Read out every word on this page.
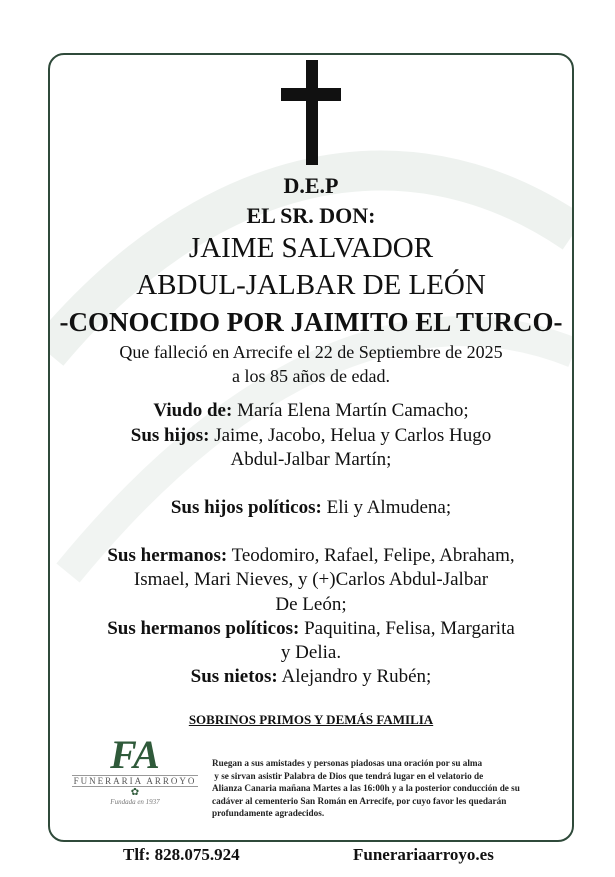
D.E.P
EL SR. DON:
JAIME SALVADOR
ABDUL-JALBAR DE LEÓN
-CONOCIDO POR JAIMITO EL TURCO-
Que falleció en Arrecife el 22 de Septiembre de 2025
a los 85 años de edad.
Viudo de: María Elena Martín Camacho;
Sus hijos: Jaime, Jacobo, Helua y Carlos Hugo
Abdul-Jalbar Martín;
Sus hijos políticos: Eli y Almudena;
Sus hermanos: Teodomiro, Rafael, Felipe, Abraham,
Ismael, Mari Nieves, y (+)Carlos Abdul-Jalbar
De León;
Sus hermanos políticos: Paquitina, Felisa, Margarita
y Delia.
Sus nietos: Alejandro y Rubén;
SOBRINOS PRIMOS Y DEMÁS FAMILIA
FA
FUNERARIA ARROYO
✿
Fundada en 1937
Ruegan a sus amistades y personas piadosas una oración por su alma
y se sirvan asistir Palabra de Dios que tendrá lugar en el velatorio de
Alianza Canaria mañana Martes a las 16:00h y a la posterior conducción de su
cadáver al cementerio San Román en Arrecife, por cuyo favor les quedarán
profundamente agradecidos.
Tlf: 828.075.924	Funerariaarroyo.es
